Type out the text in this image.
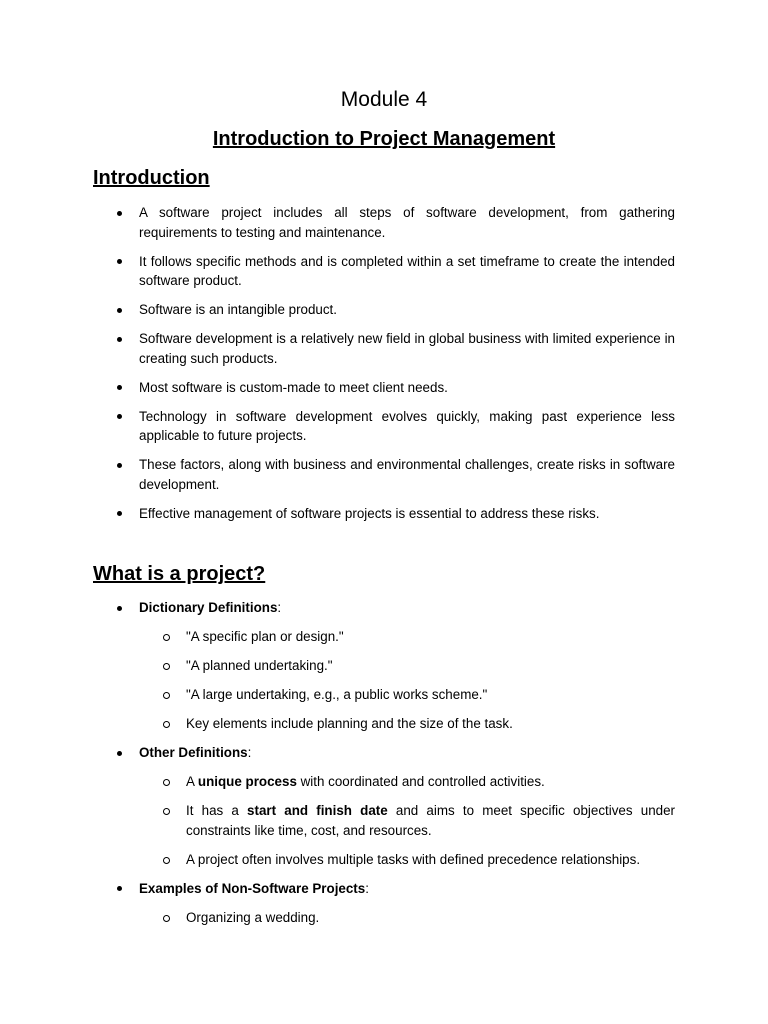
Module 4
Introduction to Project Management
Introduction
A software project includes all steps of software development, from gathering requirements to testing and maintenance.
It follows specific methods and is completed within a set timeframe to create the intended software product.
Software is an intangible product.
Software development is a relatively new field in global business with limited experience in creating such products.
Most software is custom-made to meet client needs.
Technology in software development evolves quickly, making past experience less applicable to future projects.
These factors, along with business and environmental challenges, create risks in software development.
Effective management of software projects is essential to address these risks.
What is a project?
Dictionary Definitions:
"A specific plan or design."
"A planned undertaking."
"A large undertaking, e.g., a public works scheme."
Key elements include planning and the size of the task.
Other Definitions:
A unique process with coordinated and controlled activities.
It has a start and finish date and aims to meet specific objectives under constraints like time, cost, and resources.
A project often involves multiple tasks with defined precedence relationships.
Examples of Non-Software Projects:
Organizing a wedding.
